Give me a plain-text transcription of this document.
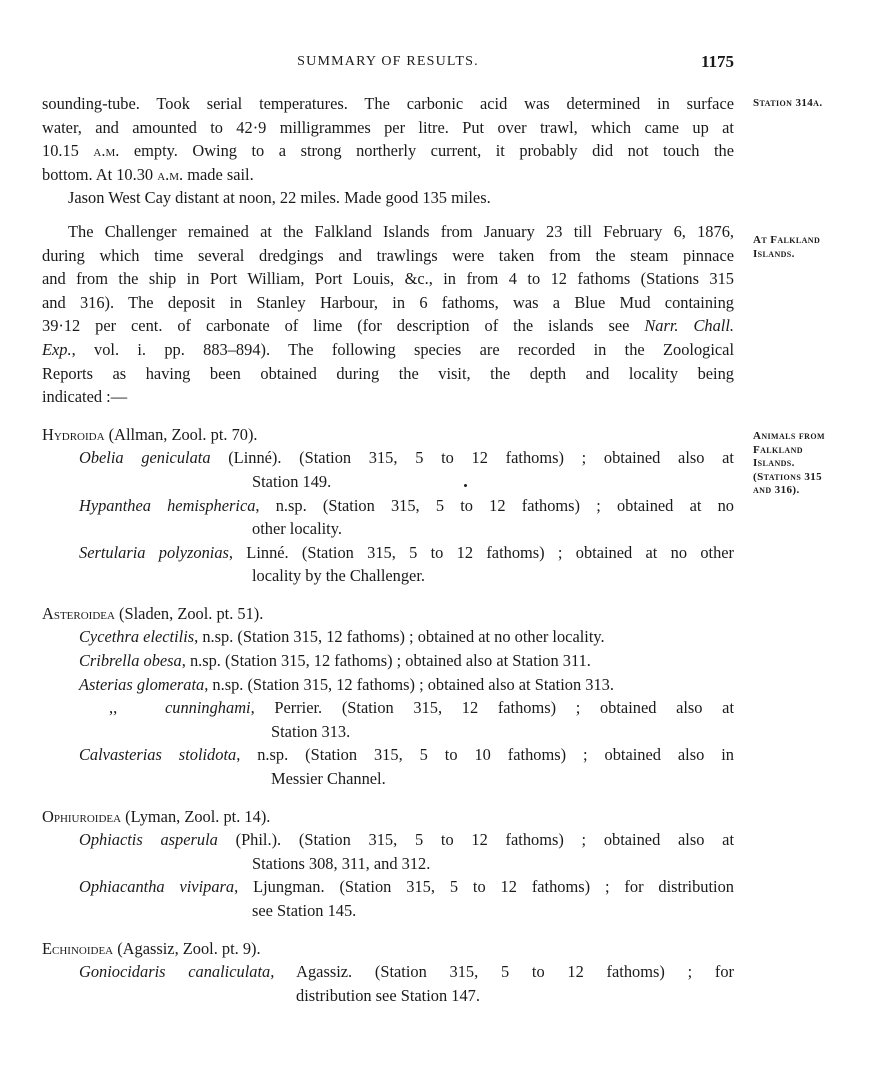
SUMMARY OF RESULTS.	1175
Station 314a.
At Falkland
Islands.
Animals from
Falkland
Islands.
(Stations 315
and 316).
sounding-tube. Took serial temperatures. The carbonic acid was determined in surface
water, and amounted to 42·9 milligrammes per litre. Put over trawl, which came up at
10.15 a.m. empty. Owing to a strong northerly current, it probably did not touch the
bottom. At 10.30 a.m. made sail.
Jason West Cay distant at noon, 22 miles. Made good 135 miles.
The Challenger remained at the Falkland Islands from January 23 till February 6, 1876,
during which time several dredgings and trawlings were taken from the steam pinnace
and from the ship in Port William, Port Louis, &c., in from 4 to 12 fathoms (Stations 315
and 316). The deposit in Stanley Harbour, in 6 fathoms, was a Blue Mud containing
39·12 per cent. of carbonate of lime (for description of the islands see Narr. Chall.
Exp., vol. i. pp. 883–894). The following species are recorded in the Zoological
Reports as having been obtained during the visit, the depth and locality being
indicated :—
Hydroida (Allman, Zool. pt. 70).
Obelia geniculata (Linné). (Station 315, 5 to 12 fathoms) ; obtained also at
Station 149.
Hypanthea hemispherica, n.sp. (Station 315, 5 to 12 fathoms) ; obtained at no
other locality.
Sertularia polyzonias, Linné. (Station 315, 5 to 12 fathoms) ; obtained at no other
locality by the Challenger.
Asteroidea (Sladen, Zool. pt. 51).
Cycethra electilis, n.sp. (Station 315, 12 fathoms) ; obtained at no other locality.
Cribrella obesa, n.sp. (Station 315, 12 fathoms) ; obtained also at Station 311.
Asterias glomerata, n.sp. (Station 315, 12 fathoms) ; obtained also at Station 313.
,,	cunninghami, Perrier. (Station 315, 12 fathoms) ; obtained also at
Station 313.
Calvasterias stolidota, n.sp. (Station 315, 5 to 10 fathoms) ; obtained also in
Messier Channel.
Ophiuroidea (Lyman, Zool. pt. 14).
Ophiactis asperula (Phil.). (Station 315, 5 to 12 fathoms) ; obtained also at
Stations 308, 311, and 312.
Ophiacantha vivipara, Ljungman. (Station 315, 5 to 12 fathoms) ; for distribution
see Station 145.
Echinoidea (Agassiz, Zool. pt. 9).
Goniocidaris canaliculata, Agassiz. (Station 315, 5 to 12 fathoms) ; for
distribution see Station 147.
